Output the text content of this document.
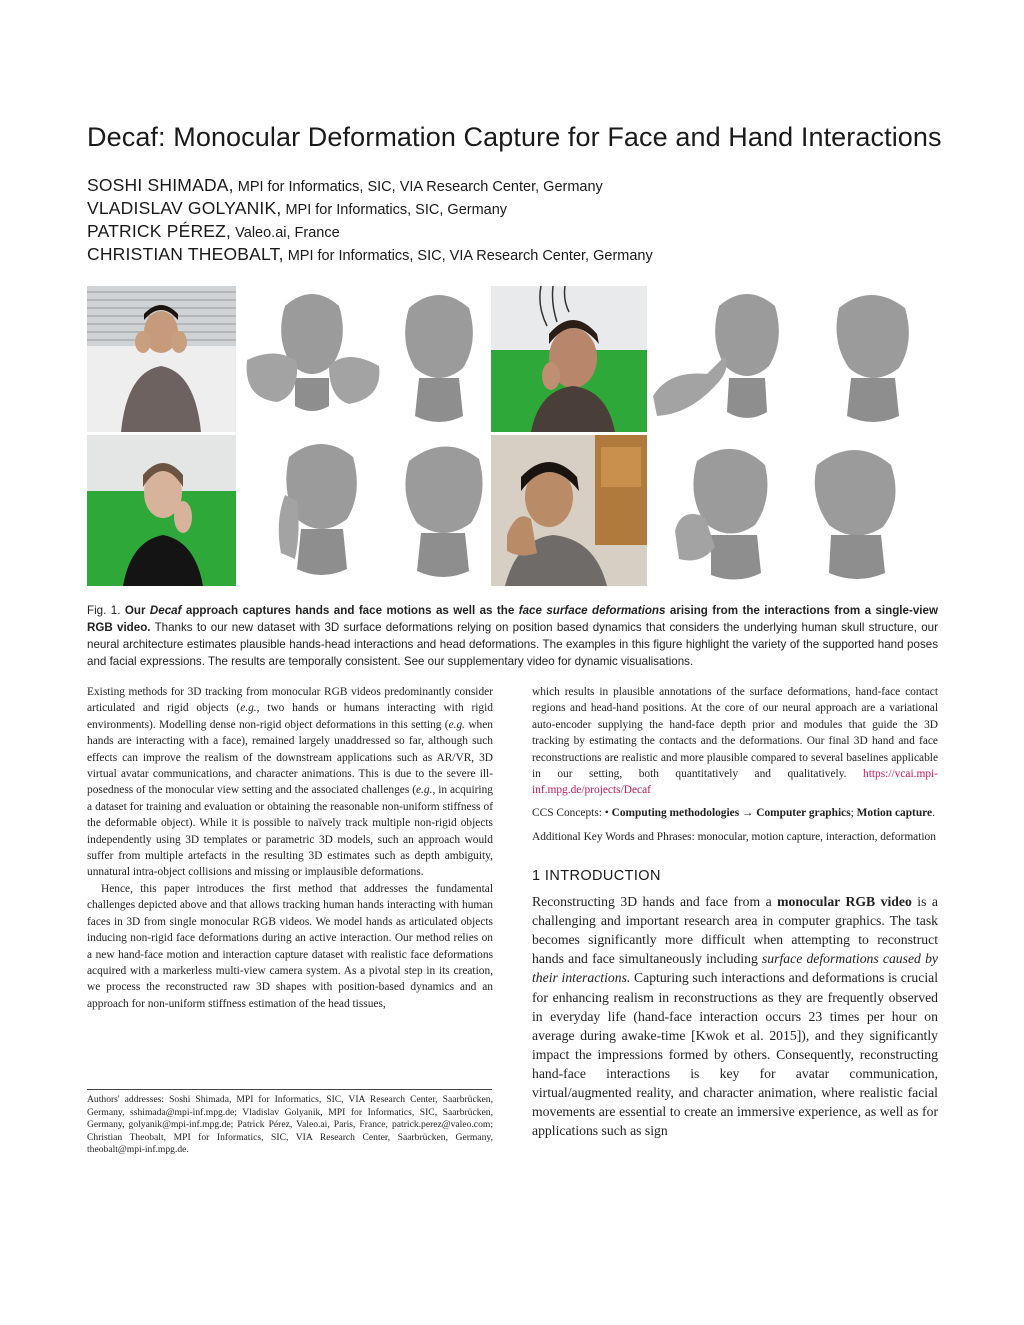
Decaf: Monocular Deformation Capture for Face and Hand Interactions
SOSHI SHIMADA, MPI for Informatics, SIC, VIA Research Center, Germany
VLADISLAV GOLYANIK, MPI for Informatics, SIC, Germany
PATRICK PÉREZ, Valeo.ai, France
CHRISTIAN THEOBALT, MPI for Informatics, SIC, VIA Research Center, Germany
Fig. 1. Our Decaf approach captures hands and face motions as well as the face surface deformations arising from the interactions from a single-view RGB video. Thanks to our new dataset with 3D surface deformations relying on position based dynamics that considers the underlying human skull structure, our neural architecture estimates plausible hands-head interactions and head deformations. The examples in this figure highlight the variety of the supported hand poses and facial expressions. The results are temporally consistent. See our supplementary video for dynamic visualisations.

Existing methods for 3D tracking from monocular RGB videos predominantly consider articulated and rigid objects (e.g., two hands or humans interacting with rigid environments). Modelling dense non-rigid object deformations in this setting (e.g. when hands are interacting with a face), remained largely unaddressed so far, although such effects can improve the realism of the downstream applications such as AR/VR, 3D virtual avatar communications, and character animations. This is due to the severe ill-posedness of the monocular view setting and the associated challenges (e.g., in acquiring a dataset for training and evaluation or obtaining the reasonable non-uniform stiffness of the deformable object). While it is possible to naïvely track multiple non-rigid objects independently using 3D templates or parametric 3D models, such an approach would suffer from multiple artefacts in the resulting 3D estimates such as depth ambiguity, unnatural intra-object collisions and missing or implausible deformations.

Hence, this paper introduces the first method that addresses the fundamental challenges depicted above and that allows tracking human hands interacting with human faces in 3D from single monocular RGB videos. We model hands as articulated objects inducing non-rigid face deformations during an active interaction. Our method relies on a new hand-face motion and interaction capture dataset with realistic face deformations acquired with a markerless multi-view camera system. As a pivotal step in its creation, we process the reconstructed raw 3D shapes with position-based dynamics and an approach for non-uniform stiffness estimation of the head tissues,

which results in plausible annotations of the surface deformations, hand-face contact regions and head-hand positions. At the core of our neural approach are a variational auto-encoder supplying the hand-face depth prior and modules that guide the 3D tracking by estimating the contacts and the deformations. Our final 3D hand and face reconstructions are realistic and more plausible compared to several baselines applicable in our setting, both quantitatively and qualitatively. https://vcai.mpi-inf.mpg.de/projects/Decaf

CCS Concepts: • Computing methodologies → Computer graphics; Motion capture.

Additional Key Words and Phrases: monocular, motion capture, interaction, deformation

1 INTRODUCTION

Reconstructing 3D hands and face from a monocular RGB video is a challenging and important research area in computer graphics. The task becomes significantly more difficult when attempting to reconstruct hands and face simultaneously including surface deformations caused by their interactions. Capturing such interactions and deformations is crucial for enhancing realism in reconstructions as they are frequently observed in everyday life (hand-face interaction occurs 23 times per hour on average during awake-time [Kwok et al. 2015]), and they significantly impact the impressions formed by others. Consequently, reconstructing hand-face interactions is key for avatar communication, virtual/augmented reality, and character animation, where realistic facial movements are essential to create an immersive experience, as well as for applications such as sign

Authors' addresses: Soshi Shimada, MPI for Informatics, SIC, VIA Research Center, Saarbrücken, Germany, sshimada@mpi-inf.mpg.de; Vladislav Golyanik, MPI for Informatics, SIC, Saarbrücken, Germany, golyanik@mpi-inf.mpg.de; Patrick Pérez, Valeo.ai, Paris, France, patrick.perez@valeo.com; Christian Theobalt, MPI for Informatics, SIC, VIA Research Center, Saarbrücken, Germany, theobalt@mpi-inf.mpg.de.
